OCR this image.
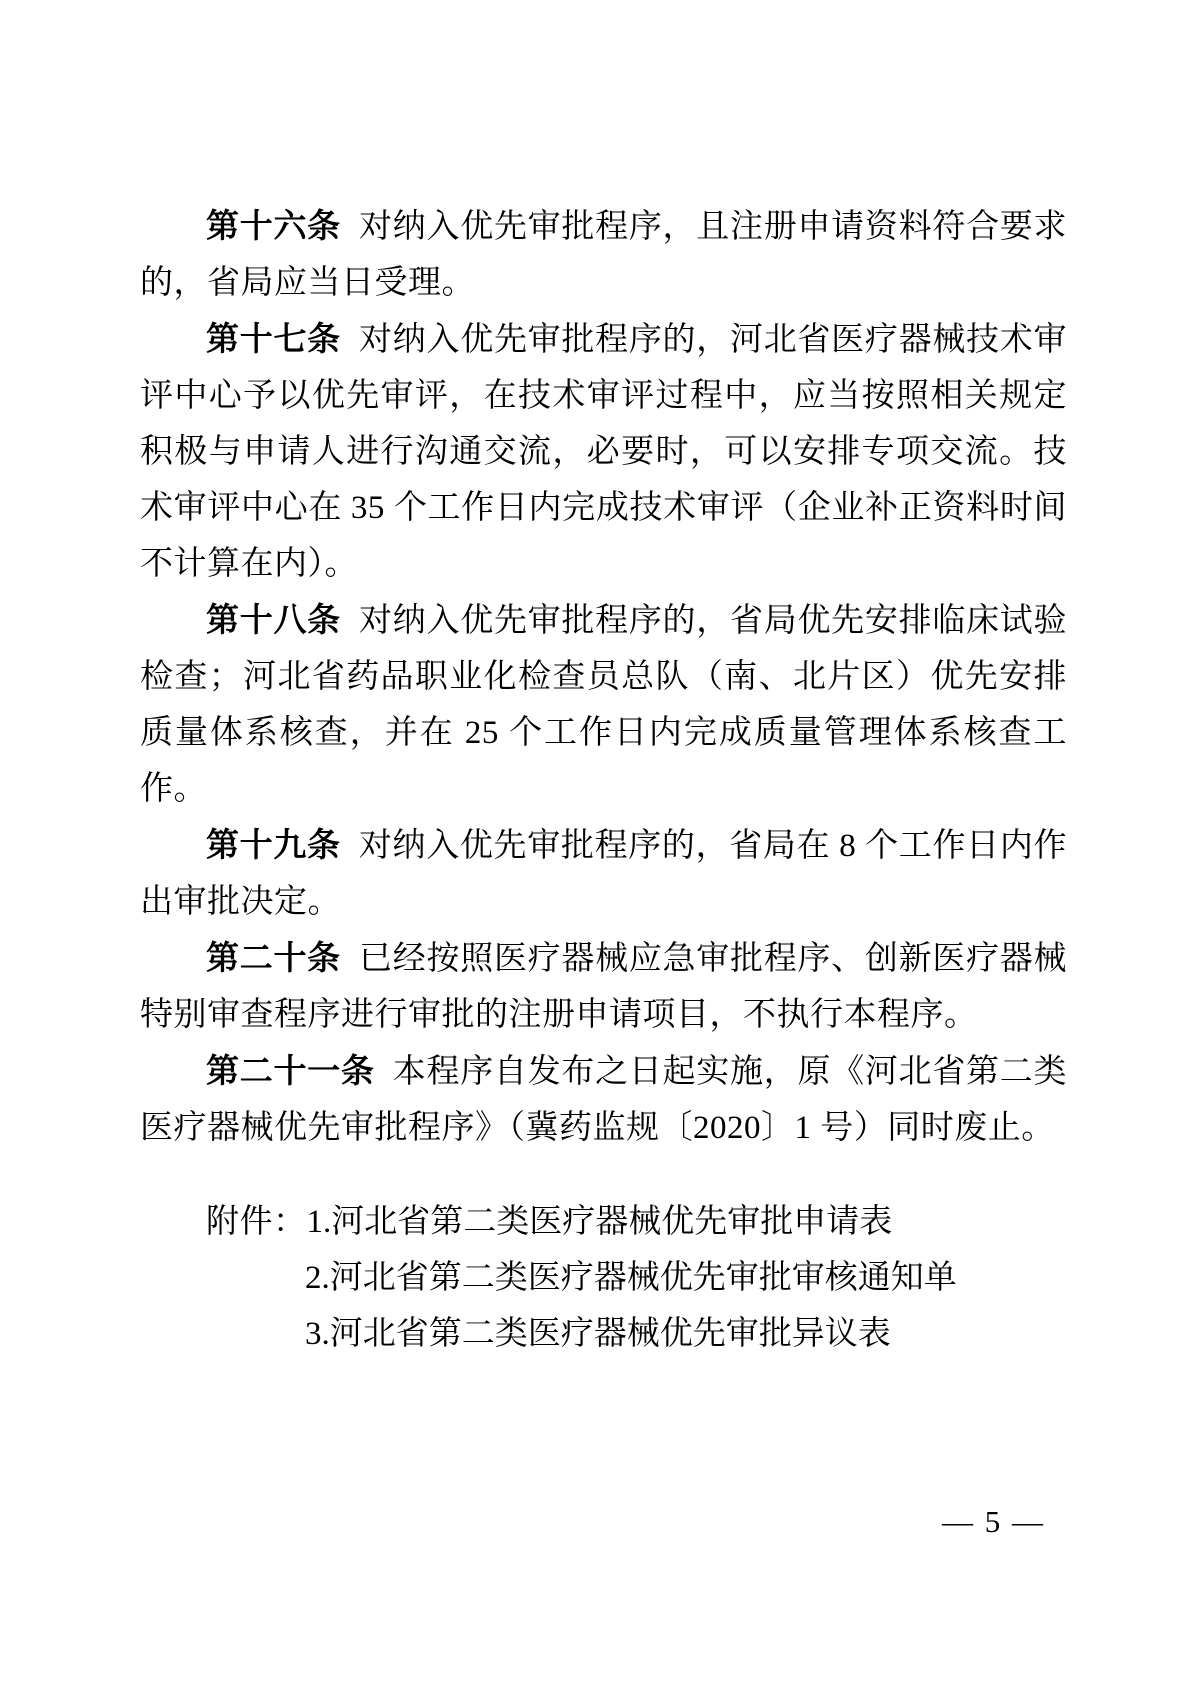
第十六条 对纳入优先审批程序，且注册申请资料符合要求的，省局应当日受理。

第十七条 对纳入优先审批程序的，河北省医疗器械技术审评中心予以优先审评，在技术审评过程中，应当按照相关规定积极与申请人进行沟通交流，必要时，可以安排专项交流。技术审评中心在 35 个工作日内完成技术审评（企业补正资料时间不计算在内）。

第十八条 对纳入优先审批程序的，省局优先安排临床试验检查；河北省药品职业化检查员总队（南、北片区）优先安排质量体系核查，并在 25 个工作日内完成质量管理体系核查工作。

第十九条 对纳入优先审批程序的，省局在 8 个工作日内作出审批决定。

第二十条 已经按照医疗器械应急审批程序、创新医疗器械特别审查程序进行审批的注册申请项目，不执行本程序。

第二十一条 本程序自发布之日起实施，原《河北省第二类医疗器械优先审批程序》（冀药监规〔2020〕1 号）同时废止。

附件：1.河北省第二类医疗器械优先审批申请表

2.河北省第二类医疗器械优先审批审核通知单

3.河北省第二类医疗器械优先审批异议表

— 5 —
